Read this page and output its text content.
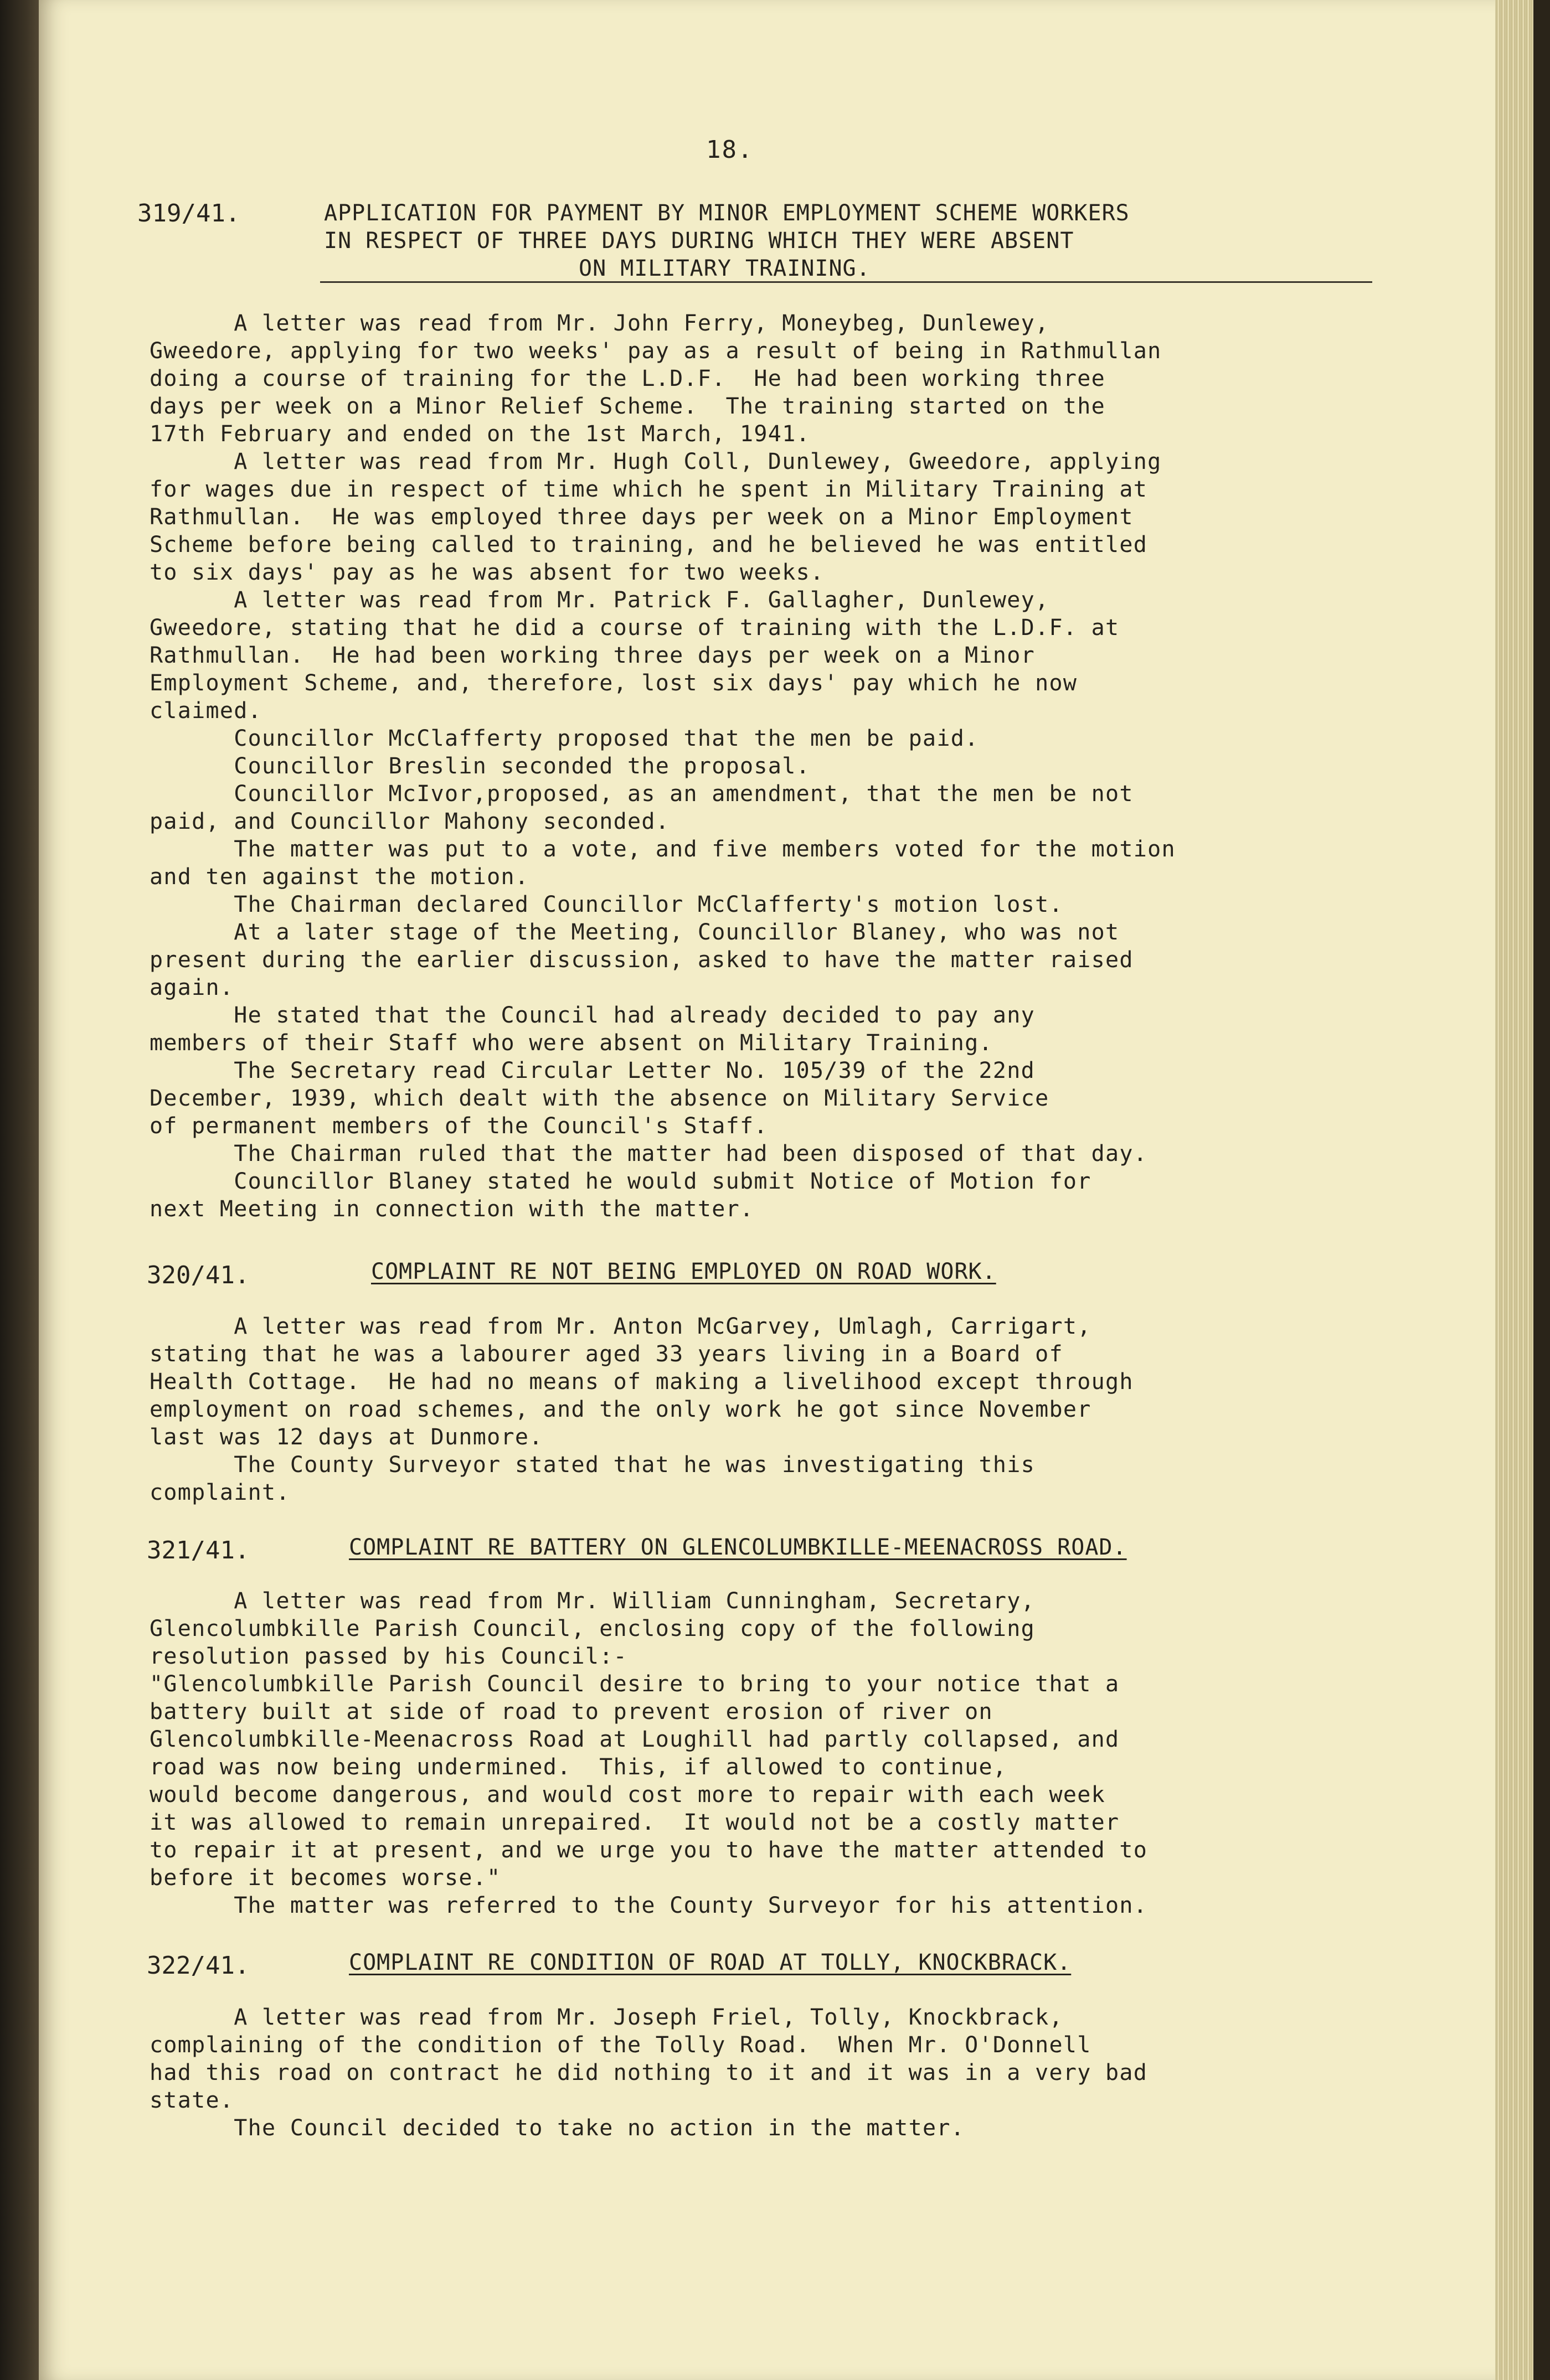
18.
319/41.	APPLICATION FOR PAYMENT BY MINOR EMPLOYMENT SCHEME WORKERS
IN RESPECT OF THREE DAYS DURING WHICH THEY WERE ABSENT
ON MILITARY TRAINING.
A letter was read from Mr. John Ferry, Moneybeg, Dunlewey,
Gweedore, applying for two weeks' pay as a result of being in Rathmullan
doing a course of training for the L.D.F.  He had been working three
days per week on a Minor Relief Scheme.  The training started on the
17th February and ended on the 1st March, 1941.
A letter was read from Mr. Hugh Coll, Dunlewey, Gweedore, applying
for wages due in respect of time which he spent in Military Training at
Rathmullan.  He was employed three days per week on a Minor Employment
Scheme before being called to training, and he believed he was entitled
to six days' pay as he was absent for two weeks.
A letter was read from Mr. Patrick F. Gallagher, Dunlewey,
Gweedore, stating that he did a course of training with the L.D.F. at
Rathmullan.  He had been working three days per week on a Minor
Employment Scheme, and, therefore, lost six days' pay which he now
claimed.
Councillor McClafferty proposed that the men be paid.
Councillor Breslin seconded the proposal.
Councillor McIvor,proposed, as an amendment, that the men be not
paid, and Councillor Mahony seconded.
The matter was put to a vote, and five members voted for the motion
and ten against the motion.
The Chairman declared Councillor McClafferty's motion lost.
At a later stage of the Meeting, Councillor Blaney, who was not
present during the earlier discussion, asked to have the matter raised
again.
He stated that the Council had already decided to pay any
members of their Staff who were absent on Military Training.
The Secretary read Circular Letter No. 105/39 of the 22nd
December, 1939, which dealt with the absence on Military Service
of permanent members of the Council's Staff.
The Chairman ruled that the matter had been disposed of that day.
Councillor Blaney stated he would submit Notice of Motion for
next Meeting in connection with the matter.
320/41.	COMPLAINT RE NOT BEING EMPLOYED ON ROAD WORK.
A letter was read from Mr. Anton McGarvey, Umlagh, Carrigart,
stating that he was a labourer aged 33 years living in a Board of
Health Cottage.  He had no means of making a livelihood except through
employment on road schemes, and the only work he got since November
last was 12 days at Dunmore.
The County Surveyor stated that he was investigating this
complaint.
321/41.	COMPLAINT RE BATTERY ON GLENCOLUMBKILLE-MEENACROSS ROAD.
A letter was read from Mr. William Cunningham, Secretary,
Glencolumbkille Parish Council, enclosing copy of the following
resolution passed by his Council:-
"Glencolumbkille Parish Council desire to bring to your notice that a
battery built at side of road to prevent erosion of river on
Glencolumbkille-Meenacross Road at Loughill had partly collapsed, and
road was now being undermined.  This, if allowed to continue,
would become dangerous, and would cost more to repair with each week
it was allowed to remain unrepaired.  It would not be a costly matter
to repair it at present, and we urge you to have the matter attended to
before it becomes worse."
The matter was referred to the County Surveyor for his attention.
322/41.	COMPLAINT RE CONDITION OF ROAD AT TOLLY, KNOCKBRACK.
A letter was read from Mr. Joseph Friel, Tolly, Knockbrack,
complaining of the condition of the Tolly Road.  When Mr. O'Donnell
had this road on contract he did nothing to it and it was in a very bad
state.
The Council decided to take no action in the matter.
